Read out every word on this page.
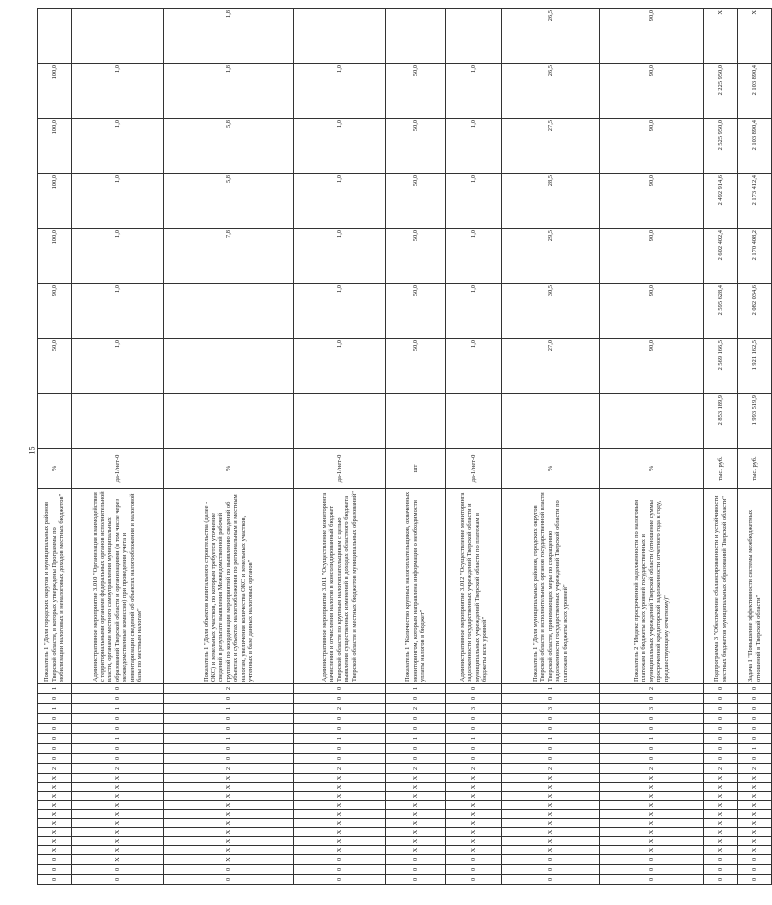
15
0	0	0	X	X	X	X	X	X	X	X	X	2	0	0	0	0	0	1	0	1	Показатель 1 "Доля городских округов и муниципальных районов Тверской области, в которых утверждены Программы по мобилизации налоговых и неналоговых доходов местных бюджетов"	%		50,0	90,0	100,0	100,0	100,0	100,0	
0	0	X	X	X	X	X	X	X	X	X	X	2	0	0	1	0	0	1	0	0	Административное мероприятие 3.010 "Организация взаимодействия с территориальными органами федеральных органов исполнительной власти, органами местного самоуправления муниципальных образований Тверской области и организациями (в том числе через межведомственные комиссии) при проведении учета и инвентаризации сведений об объектах налогообложения и налоговой базы по местным налогам"	да-1/нет-0		1,0	1,0	1,0	1,0	1,0	1,0	
0	0	X	X	X	X	X	X	X	X	X	X	2	0	0	1	0	0	1	0	2	Показатель 1 "Доля объектов капитального строительства (далее - ОКС) и земельных участков, по которым требуется уточнение сведений в результате выявления Межведомственной рабочей группой по координации мероприятий по выявлению сведений об объектах и субъектах налогообложения по региональным и местным налогам, увеличения количества ОКС и земельных участков, учтенных в базе данных налоговых органов"	%				7,8	5,8	5,8	1,8	1,8
0	0	0	X	X	X	X	X	X	X	X	X	2	0	0	1	0	0	2	0	0	Административное мероприятие 3.011 "Осуществление мониторинга начисления и отчисления налогов в консолидированный бюджет Тверской области по крупным налогоплательщикам с целью выявления существенных изменений в доходах областного бюджета Тверской области и местных бюджетов муниципальных образований"	да-1/нет-0		1,0	1,0	1,0	1,0	1,0	1,0	
0	0	0	X	X	X	X	X	X	X	X	X	2	0	0	1	0	0	2	0	1	Показатель 1 "Количество крупных налогоплательщиков, охваченных мониторингом, которым направлена информация о необходимости уплаты налогов в бюджет"	шт		50,0	50,0	50,0	50,0	50,0	50,0	
0	0	0	X	X	X	X	X	X	X	X	X	2	0	0	1	0	0	3	0	0	Административное мероприятие 3.012 "Осуществление мониторинга задолженности государственных учреждений Тверской области и муниципальных учреждений Тверской области по платежам в бюджеты всех уровней"	да-1/нет-0		1,0	1,0	1,0	1,0	1,0	1,0	
0	0	0	X	X	X	X	X	X	X	X	X	2	0	0	1	0	0	3	0	1	Показатель 1 "Доля муниципальных районов, городских округов Тверской области и исполнительных органов государственной власти Тверской области, принимающих меры по сокращению задолженности государственных учреждений Тверской области по платежам в бюджеты всех уровней"	%		27,0	30,5	29,5	28,5	27,5	26,5	26,5
0	0	0	X	X	X	X	X	X	X	X	X	2	0	0	1	0	0	3	0	2	Показатель 2 "Индекс просроченной задолженности по налоговым платежам в бюджеты всех уровней государственных и муниципальных учреждений Тверской области (отношение суммы просроченной кредиторской задолженности отчетного года к году, предшествующему отчетному)"	%		90,0	90,0	90,0	90,0	90,0	90,0	90,0
0	0	0	X	X	X	X	X	X	X	X	X	2	0	0	0	0	0	0	0	0	Подпрограмма 3 "Обеспечение сбалансированности и устойчивости местных бюджетов муниципальных образований Тверской области"	тыс. руб.	2 853 189,9	2 569 166,5	2 595 628,4	2 602 402,4	2 492 914,6	2 525 950,0	2 225 950,0	X
0	0	0	X	X	X	X	X	X	X	X	X	2	0	1	0	0	0	0	0	0	Задача 1 "Повышение эффективности системы межбюджетных отношений в Тверской области"	тыс. руб.	1 993 519,9	1 921 162,5	2 082 034,6	2 170 408,2	2 173 412,4	2 103 890,4	2 103 890,4	X
